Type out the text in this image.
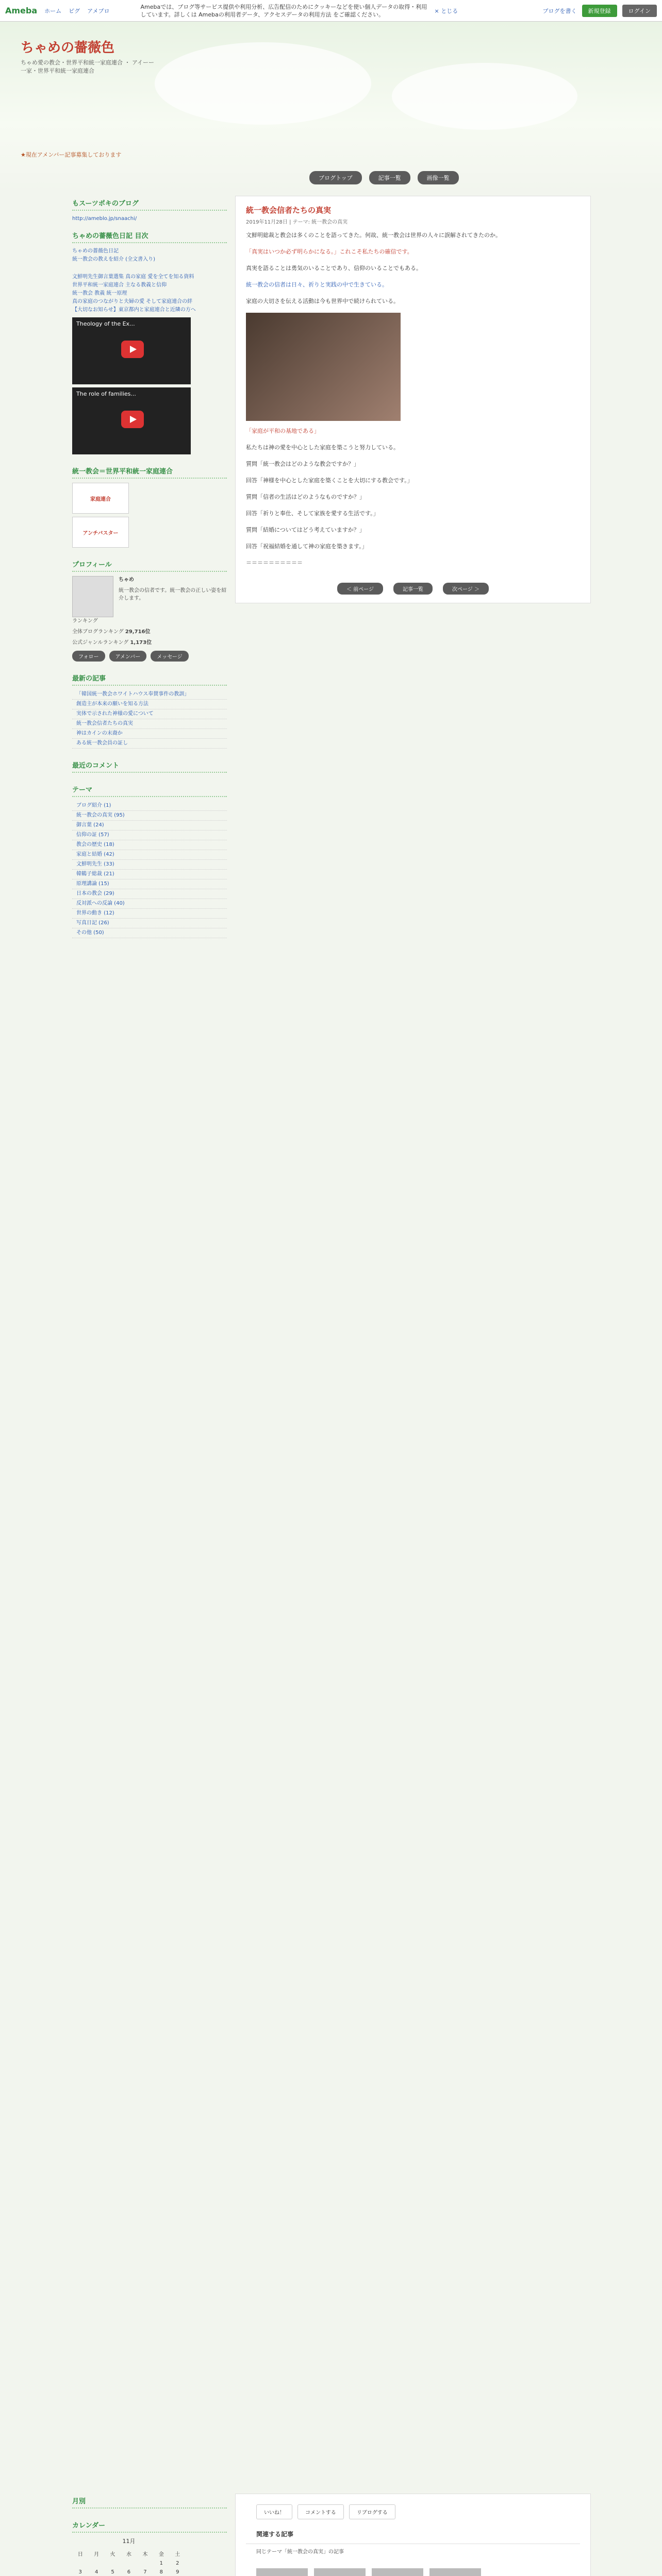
Ameba ホーム ピグ アメブロ
Amebaでは、ブログ等サービス提供や利用分析、広告配信のためにクッキーなどを使い個人データの取得・利用しています。詳しくは Amebaの利用者データ、アクセスデータの利用方法 をご確認ください。
× とじる	ブログを書く	新規登録	ログイン
ちゃめの薔薇色
ちゃめ愛の教会・世界平和統一家庭連合 ・ アイーー一家・世界平和統一家庭連合
★現在アメンバー記事募集しております
ブログトップ	記事一覧	画像一覧
もスーツポキのブログ
http://ameblo.jp/snaachi/
ちゃめの薔薇色日記 目次
ちゃめの薔薇色日記
統一教会の教えを紹介 (全文書入り)
文鮮明先生御言葉選集 真の家庭 愛を全てを知る資料
世界平和統一家庭連合 主なる教義と信仰
統一教会 教義 統一原理
真の家庭のつながりと夫婦の愛 そして家庭連合の絆
【大切なお知らせ】東京都内と家庭連合と近隣の方へ
Theology of the Ex...
The role of families...
統一教会＝世界平和統一家庭連合
家庭連合
アンチバスター
プロフィール
ちゃめ
統一教会の信者です。統一教会の正しい姿を紹介します。
ランキング
全体ブログランキング 29,716位
公式ジャンルランキング 1,173位
フォロー	アメンバー	メッセージ
最新の記事
「韓国統一教会ホワイトハウス奉賛事件の教訓」
創造主が本来の願いを知る方法
実体で示された神様の愛について
統一教会信者たちの真実
神はカインの末裔か
ある統一教会員の証し
最近のコメント
テーマ
ブログ紹介 (1)
統一教会の真実 (95)
御言葉 (24)
信仰の証 (57)
教会の歴史 (18)
家庭と結婚 (42)
文鮮明先生 (33)
韓鶴子総裁 (21)
原理講論 (15)
日本の教会 (29)
反対派への反論 (40)
世界の動き (12)
写真日記 (26)
その他 (50)
統一教会信者たちの真実
2019年11月28日 | テーマ: 統一教会の真実

文鮮明総裁と教会は多くのことを語ってきた。何故、統一教会は世界の人々に誤解されてきたのか。

「真実はいつか必ず明らかになる。」これこそ私たちの確信です。

真実を語ることは勇気のいることであり、信仰のいることでもある。

統一教会の信者は日々、祈りと実践の中で生きている。

家庭の大切さを伝える活動は今も世界中で続けられている。

「家庭が平和の基地である」

私たちは神の愛を中心とした家庭を築こうと努力している。

質問「統一教会はどのような教会ですか？」

回答「神様を中心とした家庭を築くことを大切にする教会です。」

質問「信者の生活はどのようなものですか？」

回答「祈りと奉仕、そして家族を愛する生活です。」

質問「結婚についてはどう考えていますか？」

回答「祝福結婚を通して神の家庭を築きます。」

＝＝＝＝＝＝＝＝＝＝

＜ 前ページ	記事一覧	次ページ ＞
月別
カレンダー
11月
日	月	火	水	木	金	土
					1	2
3	4	5	6	7	8	9

いいね！	コメントする	リブログする
関連する記事
同じテーマ「統一教会の真実」の記事
